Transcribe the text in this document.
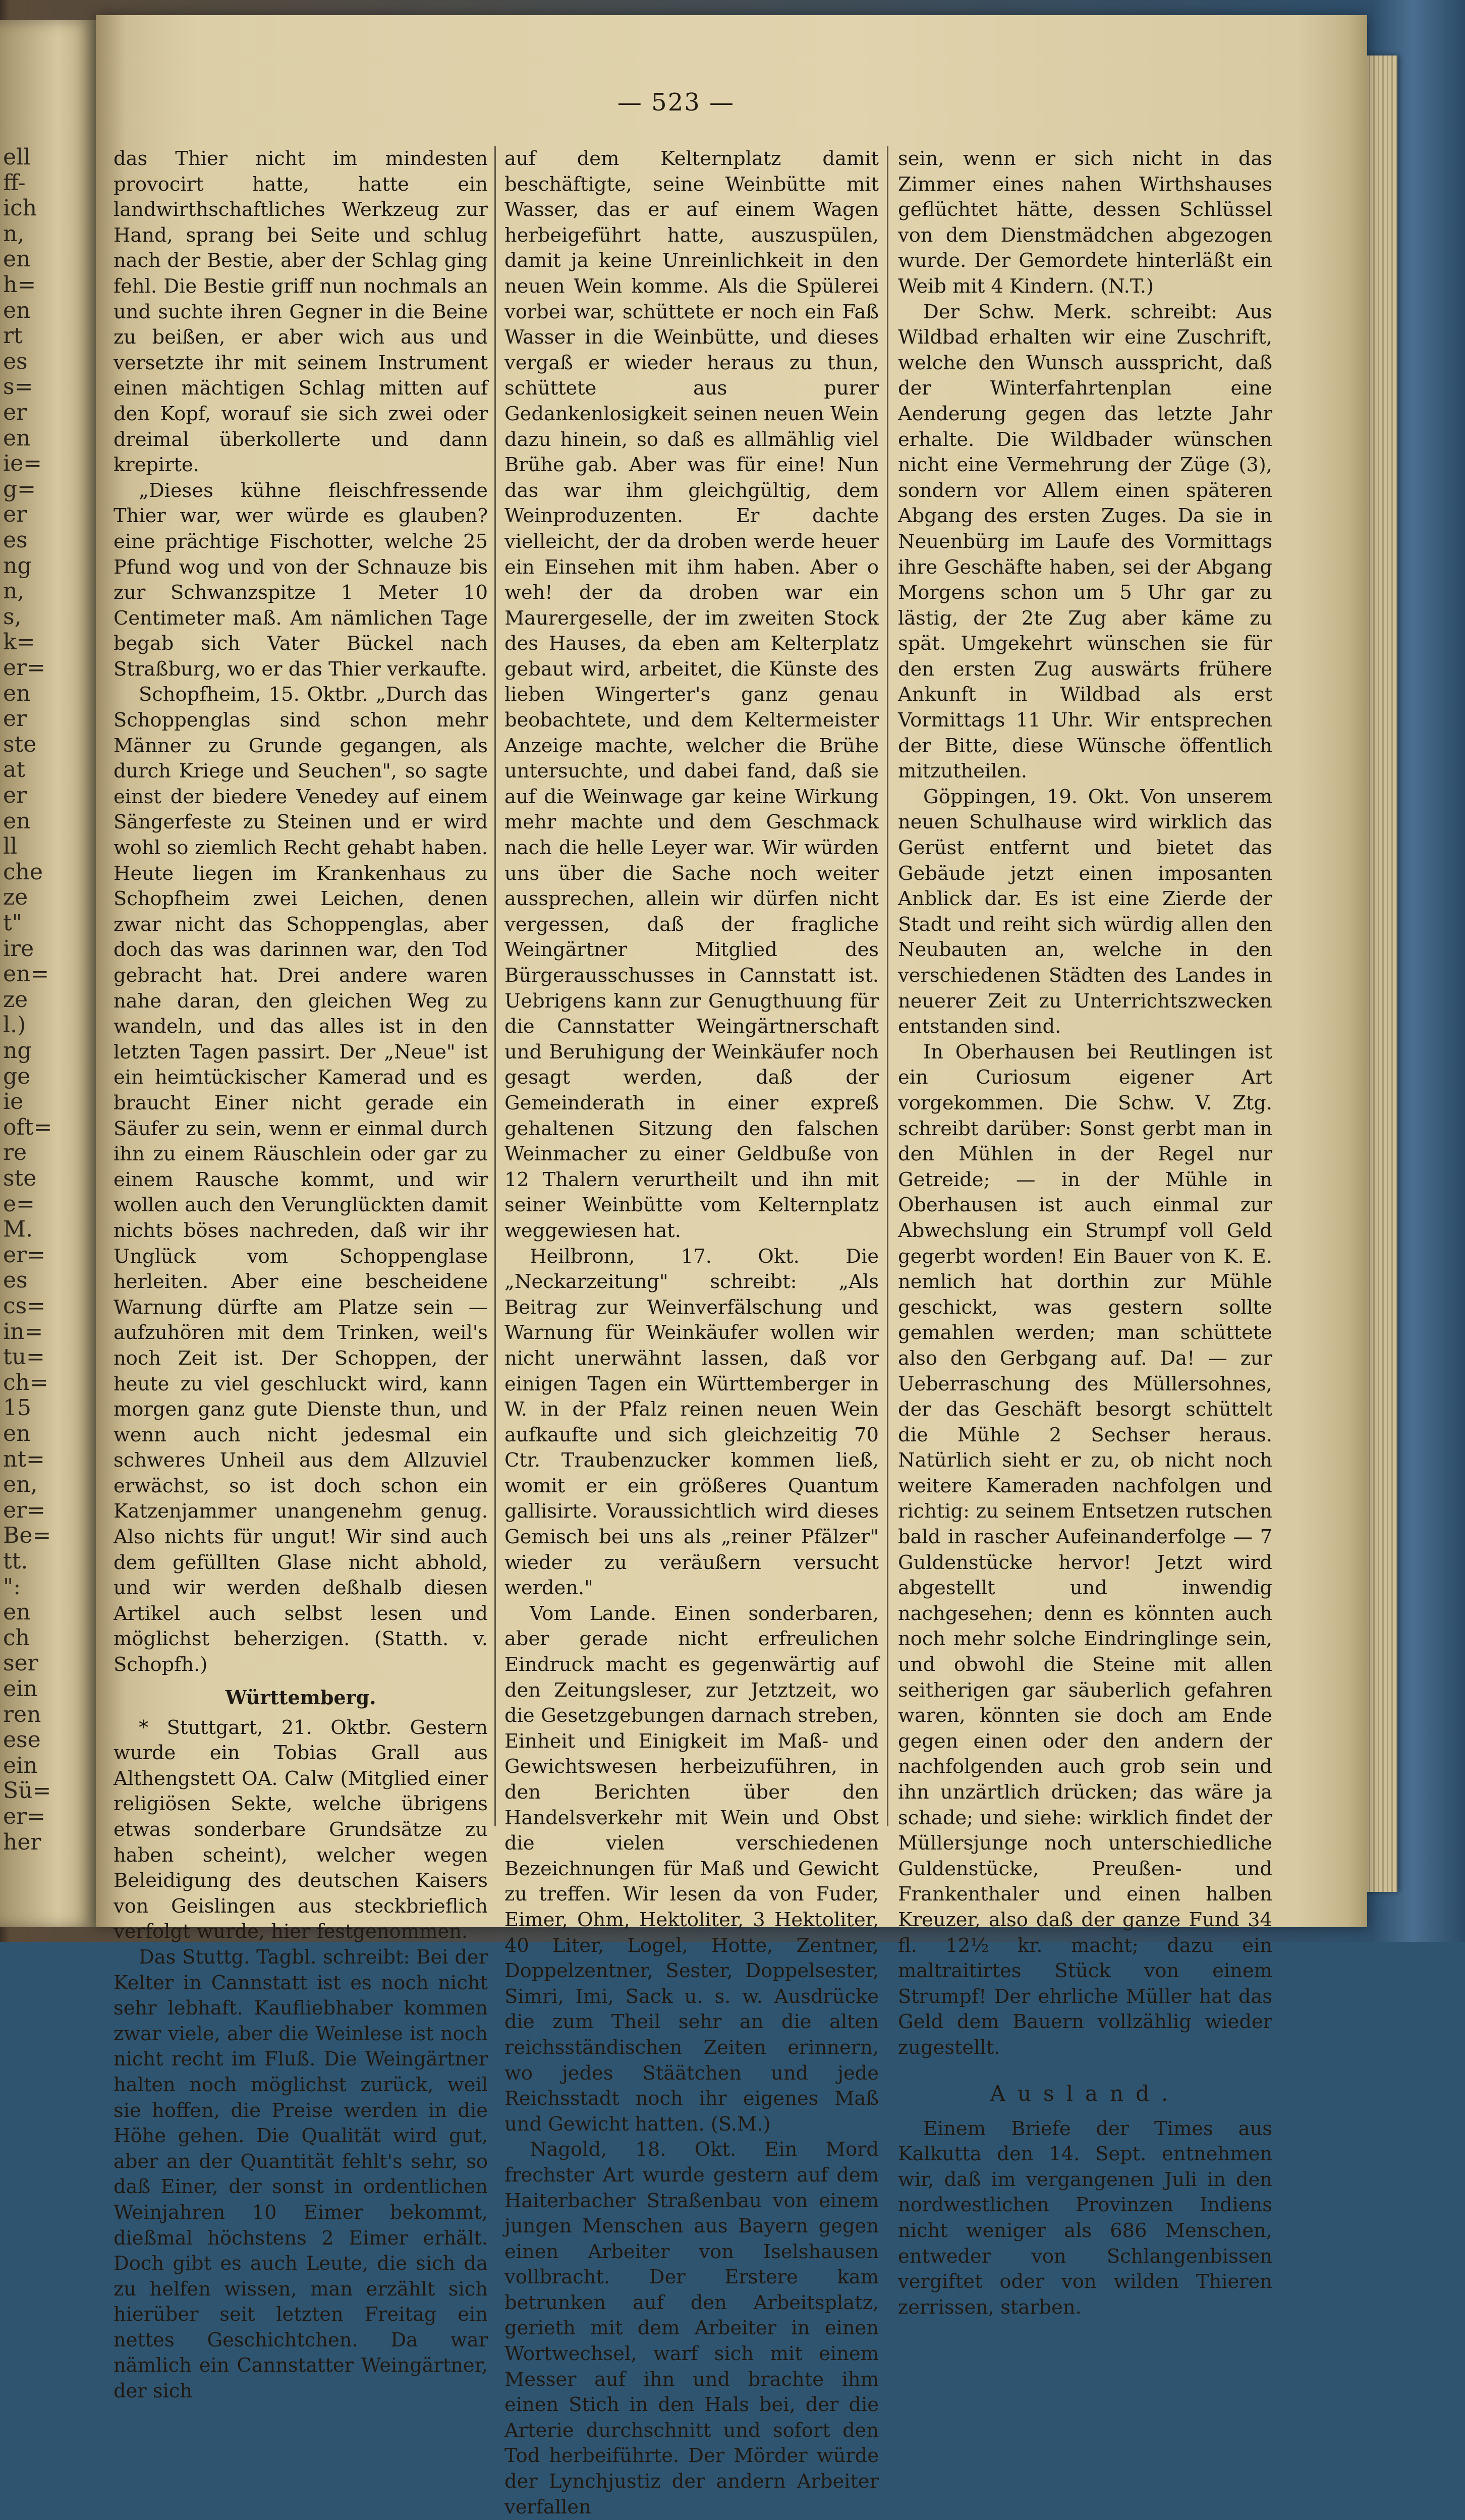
ell
ff-
ich
n,
en
h=
en
rt
es
s=
er
en
ie=
g=
er
es
ng
n,
s,
k=
er=
en
er
ste
at
er
en
ll
che
ze
t"
ire
en=
ze
l.)
ng
ge
ie
oft=
re
ste
e=
M.
er=
es
cs=
in=
tu=
ch=
15
en
nt=
en,
er=
Be=
tt.
":
en
ch
ser
ein
ren
ese
ein
Sü=
er=
her
— 523 —

das Thier nicht im mindesten provocirt hatte, hatte ein landwirthschaftliches Werkzeug zur Hand, sprang bei Seite und schlug nach der Bestie, aber der Schlag ging fehl. Die Bestie griff nun nochmals an und suchte ihren Gegner in die Beine zu beißen, er aber wich aus und versetzte ihr mit seinem Instrument einen mächtigen Schlag mitten auf den Kopf, worauf sie sich zwei oder dreimal überkollerte und dann krepirte.

„Dieses kühne fleischfressende Thier war, wer würde es glauben? eine prächtige Fischotter, welche 25 Pfund wog und von der Schnauze bis zur Schwanzspitze 1 Meter 10 Centimeter maß. Am nämlichen Tage begab sich Vater Bückel nach Straßburg, wo er das Thier verkaufte.

Schopfheim, 15. Oktbr. „Durch das Schoppenglas sind schon mehr Männer zu Grunde gegangen, als durch Kriege und Seuchen", so sagte einst der biedere Venedey auf einem Sängerfeste zu Steinen und er wird wohl so ziemlich Recht gehabt haben. Heute liegen im Krankenhaus zu Schopfheim zwei Leichen, denen zwar nicht das Schoppenglas, aber doch das was darinnen war, den Tod gebracht hat. Drei andere waren nahe daran, den gleichen Weg zu wandeln, und das alles ist in den letzten Tagen passirt. Der „Neue" ist ein heimtückischer Kamerad und es braucht Einer nicht gerade ein Säufer zu sein, wenn er einmal durch ihn zu einem Räuschlein oder gar zu einem Rausche kommt, und wir wollen auch den Verunglückten damit nichts böses nachreden, daß wir ihr Unglück vom Schoppenglase herleiten. Aber eine bescheidene Warnung dürfte am Platze sein — aufzuhören mit dem Trinken, weil's noch Zeit ist. Der Schoppen, der heute zu viel geschluckt wird, kann morgen ganz gute Dienste thun, und wenn auch nicht jedesmal ein schweres Unheil aus dem Allzuviel erwächst, so ist doch schon ein Katzenjammer unangenehm genug. Also nichts für ungut! Wir sind auch dem gefüllten Glase nicht abhold, und wir werden deßhalb diesen Artikel auch selbst lesen und möglichst beherzigen. (Statth. v. Schopfh.)

Württemberg.

* Stuttgart, 21. Oktbr. Gestern wurde ein Tobias Grall aus Althengstett OA. Calw (Mitglied einer religiösen Sekte, welche übrigens etwas sonderbare Grundsätze zu haben scheint), welcher wegen Beleidigung des deutschen Kaisers von Geislingen aus steckbrieflich verfolgt wurde, hier festgenommen.

Das Stuttg. Tagbl. schreibt: Bei der Kelter in Cannstatt ist es noch nicht sehr lebhaft. Kaufliebhaber kommen zwar viele, aber die Weinlese ist noch nicht recht im Fluß. Die Weingärtner halten noch möglichst zurück, weil sie hoffen, die Preise werden in die Höhe gehen. Die Qualität wird gut, aber an der Quantität fehlt's sehr, so daß Einer, der sonst in ordentlichen Weinjahren 10 Eimer bekommt, dießmal höchstens 2 Eimer erhält. Doch gibt es auch Leute, die sich da zu helfen wissen, man erzählt sich hierüber seit letzten Freitag ein nettes Geschichtchen. Da war nämlich ein Cannstatter Weingärtner, der sich

auf dem Kelternplatz damit beschäftigte, seine Weinbütte mit Wasser, das er auf einem Wagen herbeigeführt hatte, auszuspülen, damit ja keine Unreinlichkeit in den neuen Wein komme. Als die Spülerei vorbei war, schüttete er noch ein Faß Wasser in die Weinbütte, und dieses vergaß er wieder heraus zu thun, schüttete aus purer Gedankenlosigkeit seinen neuen Wein dazu hinein, so daß es allmählig viel Brühe gab. Aber was für eine! Nun das war ihm gleichgültig, dem Weinproduzenten. Er dachte vielleicht, der da droben werde heuer ein Einsehen mit ihm haben. Aber o weh! der da droben war ein Maurergeselle, der im zweiten Stock des Hauses, da eben am Kelterplatz gebaut wird, arbeitet, die Künste des lieben Wingerter's ganz genau beobachtete, und dem Keltermeister Anzeige machte, welcher die Brühe untersuchte, und dabei fand, daß sie auf die Weinwage gar keine Wirkung mehr machte und dem Geschmack nach die helle Leyer war. Wir würden uns über die Sache noch weiter aussprechen, allein wir dürfen nicht vergessen, daß der fragliche Weingärtner Mitglied des Bürgerausschusses in Cannstatt ist. Uebrigens kann zur Genugthuung für die Cannstatter Weingärtnerschaft und Beruhigung der Weinkäufer noch gesagt werden, daß der Gemeinderath in einer expreß gehaltenen Sitzung den falschen Weinmacher zu einer Geldbuße von 12 Thalern verurtheilt und ihn mit seiner Weinbütte vom Kelternplatz weggewiesen hat.

Heilbronn, 17. Okt. Die „Neckarzeitung" schreibt: „Als Beitrag zur Weinverfälschung und Warnung für Weinkäufer wollen wir nicht unerwähnt lassen, daß vor einigen Tagen ein Württemberger in W. in der Pfalz reinen neuen Wein aufkaufte und sich gleichzeitig 70 Ctr. Traubenzucker kommen ließ, womit er ein größeres Quantum gallisirte. Voraussichtlich wird dieses Gemisch bei uns als „reiner Pfälzer" wieder zu veräußern versucht werden."

Vom Lande. Einen sonderbaren, aber gerade nicht erfreulichen Eindruck macht es gegenwärtig auf den Zeitungsleser, zur Jetztzeit, wo die Gesetzgebungen darnach streben, Einheit und Einigkeit im Maß- und Gewichtswesen herbeizuführen, in den Berichten über den Handelsverkehr mit Wein und Obst die vielen verschiedenen Bezeichnungen für Maß und Gewicht zu treffen. Wir lesen da von Fuder, Eimer, Ohm, Hektoliter, 3 Hektoliter, 40 Liter, Logel, Hotte, Zentner, Doppelzentner, Sester, Doppelsester, Simri, Imi, Sack u. s. w. Ausdrücke die zum Theil sehr an die alten reichsständischen Zeiten erinnern, wo jedes Stäätchen und jede Reichsstadt noch ihr eigenes Maß und Gewicht hatten. (S.M.)

Nagold, 18. Okt. Ein Mord frechster Art wurde gestern auf dem Haiterbacher Straßenbau von einem jungen Menschen aus Bayern gegen einen Arbeiter von Iselshausen vollbracht. Der Erstere kam betrunken auf den Arbeitsplatz, gerieth mit dem Arbeiter in einen Wortwechsel, warf sich mit einem Messer auf ihn und brachte ihm einen Stich in den Hals bei, der die Arterie durchschnitt und sofort den Tod herbeiführte. Der Mörder würde der Lynchjustiz der andern Arbeiter verfallen

sein, wenn er sich nicht in das Zimmer eines nahen Wirthshauses geflüchtet hätte, dessen Schlüssel von dem Dienstmädchen abgezogen wurde. Der Gemordete hinterläßt ein Weib mit 4 Kindern. (N.T.)

Der Schw. Merk. schreibt: Aus Wildbad erhalten wir eine Zuschrift, welche den Wunsch ausspricht, daß der Winterfahrtenplan eine Aenderung gegen das letzte Jahr erhalte. Die Wildbader wünschen nicht eine Vermehrung der Züge (3), sondern vor Allem einen späteren Abgang des ersten Zuges. Da sie in Neuenbürg im Laufe des Vormittags ihre Geschäfte haben, sei der Abgang Morgens schon um 5 Uhr gar zu lästig, der 2te Zug aber käme zu spät. Umgekehrt wünschen sie für den ersten Zug auswärts frühere Ankunft in Wildbad als erst Vormittags 11 Uhr. Wir entsprechen der Bitte, diese Wünsche öffentlich mitzutheilen.

Göppingen, 19. Okt. Von unserem neuen Schulhause wird wirklich das Gerüst entfernt und bietet das Gebäude jetzt einen imposanten Anblick dar. Es ist eine Zierde der Stadt und reiht sich würdig allen den Neubauten an, welche in den verschiedenen Städten des Landes in neuerer Zeit zu Unterrichtszwecken entstanden sind.

In Oberhausen bei Reutlingen ist ein Curiosum eigener Art vorgekommen. Die Schw. V. Ztg. schreibt darüber: Sonst gerbt man in den Mühlen in der Regel nur Getreide; — in der Mühle in Oberhausen ist auch einmal zur Abwechslung ein Strumpf voll Geld gegerbt worden! Ein Bauer von K. E. nemlich hat dorthin zur Mühle geschickt, was gestern sollte gemahlen werden; man schüttete also den Gerbgang auf. Da! — zur Ueberraschung des Müllersohnes, der das Geschäft besorgt schüttelt die Mühle 2 Sechser heraus. Natürlich sieht er zu, ob nicht noch weitere Kameraden nachfolgen und richtig: zu seinem Entsetzen rutschen bald in rascher Aufeinanderfolge — 7 Guldenstücke hervor! Jetzt wird abgestellt und inwendig nachgesehen; denn es könnten auch noch mehr solche Eindringlinge sein, und obwohl die Steine mit allen seitherigen gar säuberlich gefahren waren, könnten sie doch am Ende gegen einen oder den andern der nachfolgenden auch grob sein und ihn unzärtlich drücken; das wäre ja schade; und siehe: wirklich findet der Müllersjunge noch unterschiedliche Guldenstücke, Preußen- und Frankenthaler und einen halben Kreuzer, also daß der ganze Fund 34 fl. 12½ kr. macht; dazu ein maltraitirtes Stück von einem Strumpf! Der ehrliche Müller hat das Geld dem Bauern vollzählig wieder zugestellt.

Ausland.

Einem Briefe der Times aus Kalkutta den 14. Sept. entnehmen wir, daß im vergangenen Juli in den nordwestlichen Provinzen Indiens nicht weniger als 686 Menschen, entweder von Schlangenbissen vergiftet oder von wilden Thieren zerrissen, starben.
